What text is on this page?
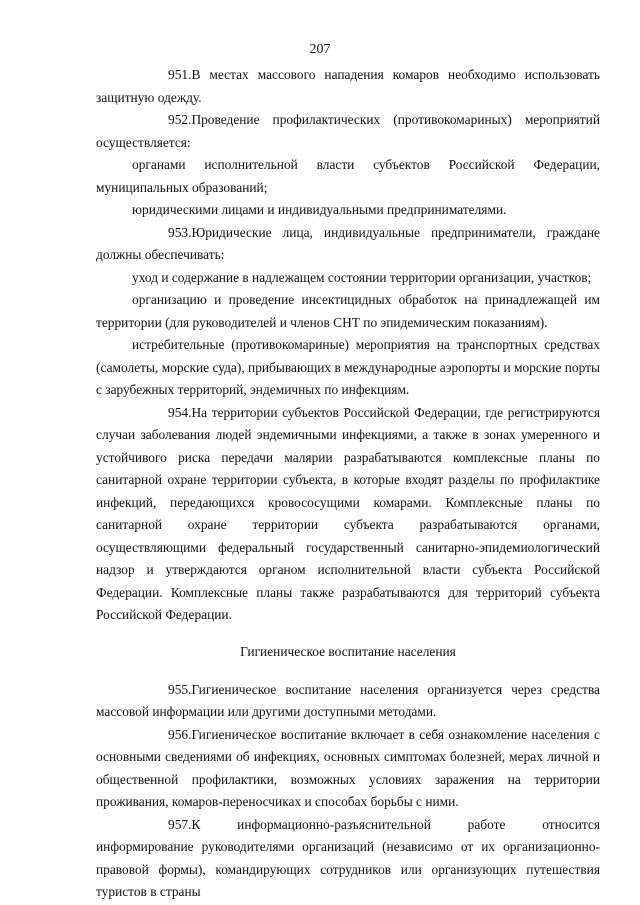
207

951.В местах массового нападения комаров необходимо использовать защитную одежду.

952.Проведение профилактических (противокомариных) мероприятий осуществляется:

органами исполнительной власти субъектов Российской Федерации, муниципальных образований;

юридическими лицами и индивидуальными предпринимателями.

953.Юридические лица, индивидуальные предприниматели, граждане должны обеспечивать:

уход и содержание в надлежащем состоянии территории организации, участков;

организацию и проведение инсектицидных обработок на принадлежащей им территории (для руководителей и членов СНТ по эпидемическим показаниям).

истребительные (противокомариные) мероприятия на транспортных средствах (самолеты, морские суда), прибывающих в международные аэропорты и морские порты с зарубежных территорий, эндемичных по инфекциям.

954.На территории субъектов Российской Федерации, где регистрируются случаи заболевания людей эндемичными инфекциями, а также в зонах умеренного и устойчивого риска передачи малярии разрабатываются комплексные планы по санитарной охране территории субъекта, в которые входят разделы по профилактике инфекций, передающихся кровососущими комарами. Комплексные планы по санитарной охране территории субъекта разрабатываются органами, осуществляющими федеральный государственный санитарно-эпидемиологический надзор и утверждаются органом исполнительной власти субъекта Российской Федерации. Комплексные планы также разрабатываются для территорий субъекта Российской Федерации.

Гигиеническое воспитание населения

955.Гигиеническое воспитание населения организуется через средства массовой информации или другими доступными методами.

956.Гигиеническое воспитание включает в себя ознакомление населения с основными сведениями об инфекциях, основных симптомах болезней, мерах личной и общественной профилактики, возможных условиях заражения на территории проживания, комаров-переносчиках и способах борьбы с ними.

957.К информационно-разъяснительной работе относится информирование руководителями организаций (независимо от их организационно-правовой формы), командирующих сотрудников или организующих путешествия туристов в страны
